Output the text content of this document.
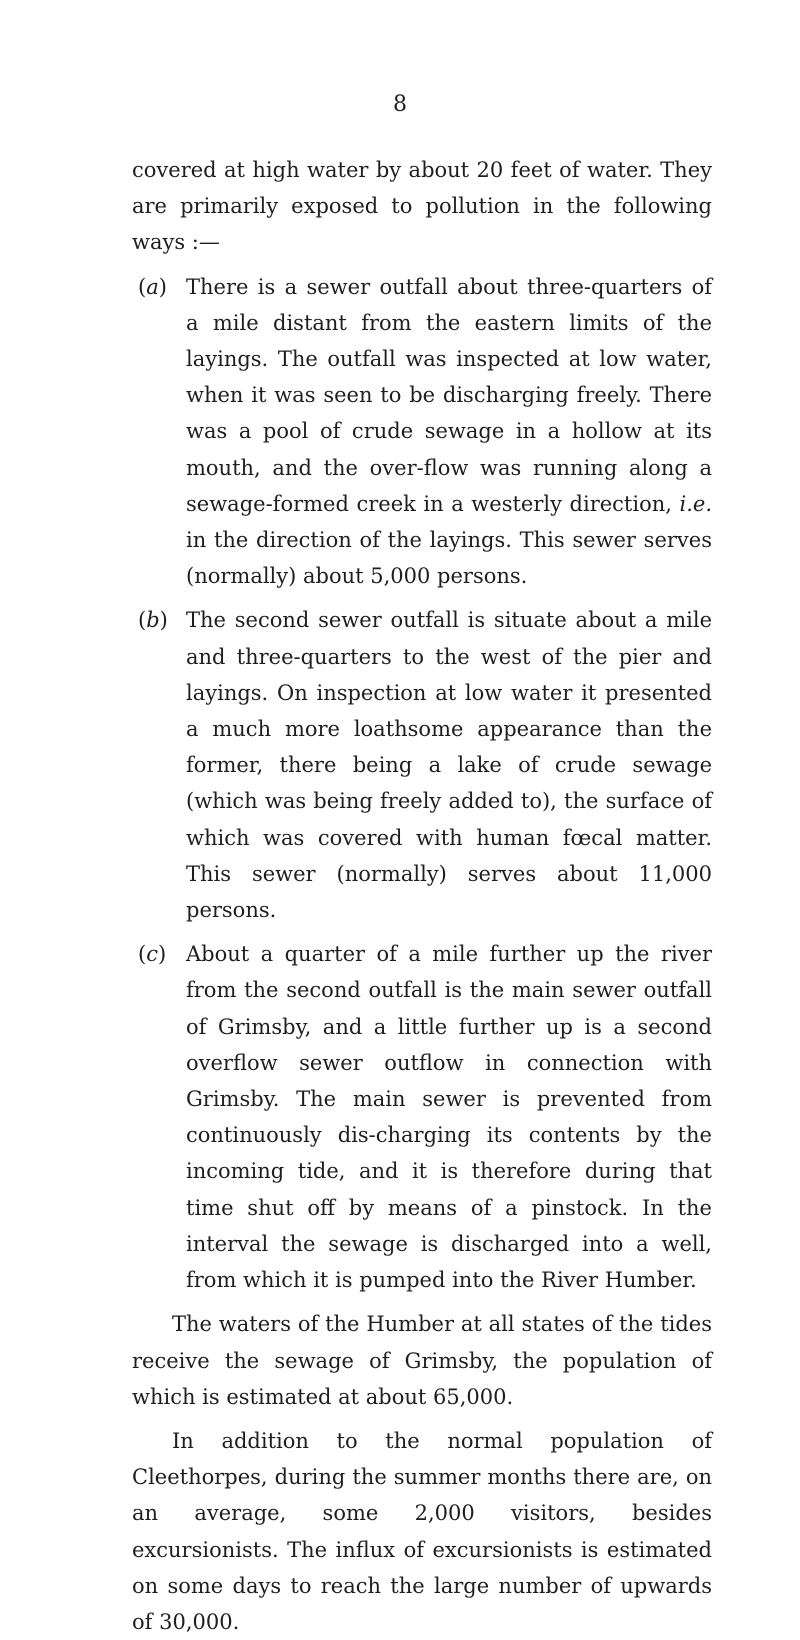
8

covered at high water by about 20 feet of water. They are primarily exposed to pollution in the following ways :—

(a) There is a sewer outfall about three-quarters of a mile distant from the eastern limits of the layings. The outfall was inspected at low water, when it was seen to be discharging freely. There was a pool of crude sewage in a hollow at its mouth, and the over-flow was running along a sewage-formed creek in a westerly direction, i.e. in the direction of the layings. This sewer serves (normally) about 5,000 persons.
(b) The second sewer outfall is situate about a mile and three-quarters to the west of the pier and layings. On inspection at low water it presented a much more loathsome appearance than the former, there being a lake of crude sewage (which was being freely added to), the surface of which was covered with human fœcal matter. This sewer (normally) serves about 11,000 persons.
(c) About a quarter of a mile further up the river from the second outfall is the main sewer outfall of Grimsby, and a little further up is a second overflow sewer outflow in connection with Grimsby. The main sewer is prevented from continuously dis-charging its contents by the incoming tide, and it is therefore during that time shut off by means of a pinstock. In the interval the sewage is discharged into a well, from which it is pumped into the River Humber.

The waters of the Humber at all states of the tides receive the sewage of Grimsby, the population of which is estimated at about 65,000.

In addition to the normal population of Cleethorpes, during the summer months there are, on an average, some 2,000 visitors, besides excursionists. The influx of excursionists is estimated on some days to reach the large number of upwards of 30,000.
